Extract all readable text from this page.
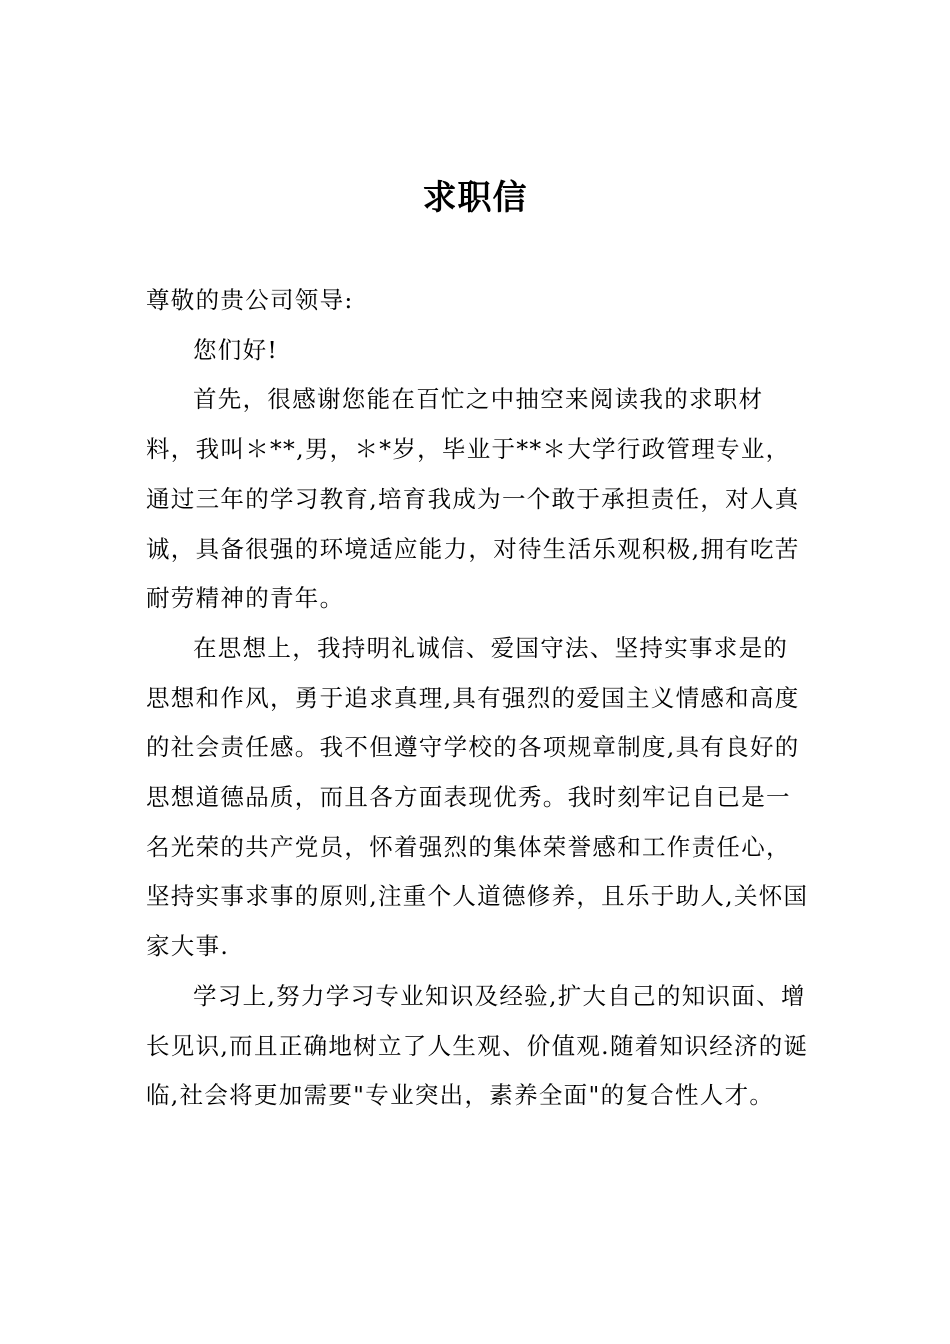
求职信

尊敬的贵公司领导:

您们好!

首先，很感谢您能在百忙之中抽空来阅读我的求职材料，我叫＊**,男，＊*岁，毕业于**＊大学行政管理专业，通过三年的学习教育,培育我成为一个敢于承担责任，对人真诚，具备很强的环境适应能力，对待生活乐观积极,拥有吃苦耐劳精神的青年。

在思想上，我持明礼诚信、爱国守法、坚持实事求是的思想和作风，勇于追求真理,具有强烈的爱国主义情感和高度的社会责任感。我不但遵守学校的各项规章制度,具有良好的思想道德品质，而且各方面表现优秀。我时刻牢记自已是一名光荣的共产党员，怀着强烈的集体荣誉感和工作责任心，坚持实事求事的原则,注重个人道德修养，且乐于助人,关怀国家大事.

学习上,努力学习专业知识及经验,扩大自己的知识面、增长见识,而且正确地树立了人生观、价值观.随着知识经济的诞临,社会将更加需要"专业突出，素养全面"的复合性人才。
